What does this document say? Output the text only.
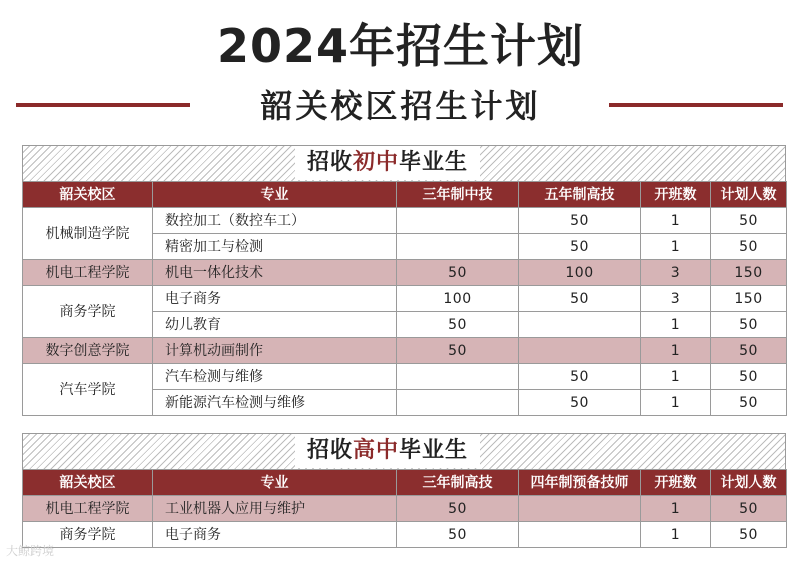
2024年招生计划
韶关校区招生计划
招收初中毕业生
韶关校区	专业	三年制中技	五年制高技	开班数	计划人数
机械制造学院	数控加工（数控车工）		50	1	50
	精密加工与检测		50	1	50
机电工程学院	机电一体化技术	50	100	3	150
商务学院	电子商务	100	50	3	150
	幼儿教育	50		1	50
数字创意学院	计算机动画制作	50		1	50
汽车学院	汽车检测与维修		50	1	50
	新能源汽车检测与维修		50	1	50
招收高中毕业生
韶关校区	专业	三年制高技	四年制预备技师	开班数	计划人数
机电工程学院	工业机器人应用与维护	50		1	50
商务学院	电子商务	50		1	50
大鲸跨境
